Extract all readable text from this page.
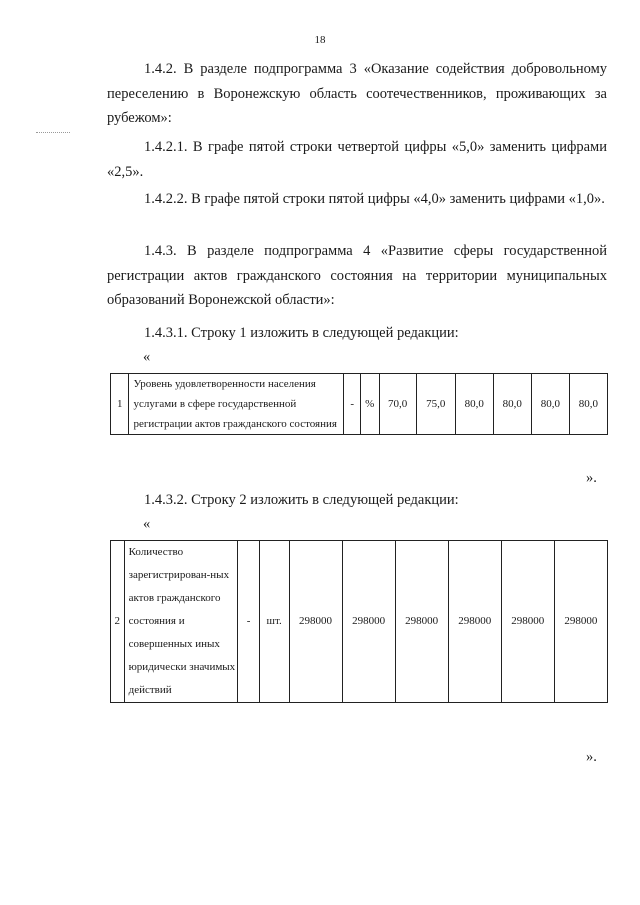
18

1.4.2. В разделе подпрограмма 3 «Оказание содействия добровольному переселению в Воронежскую область соотечественников, проживающих за рубежом»:

1.4.2.1. В графе пятой строки четвертой цифры «5,0» заменить цифрами «2,5».

1.4.2.2. В графе пятой строки пятой цифры «4,0» заменить цифрами «1,0».

1.4.3. В разделе подпрограмма 4 «Развитие сферы государственной регистрации актов гражданского состояния на территории муниципальных образований Воронежской области»:

1.4.3.1. Строку 1 изложить в следующей редакции:

«
1	Уровень удовлетворенности населения услугами в сфере государственной регистрации актов гражданского состояния	-	%	70,0	75,0	80,0	80,0	80,0	80,0
».

1.4.3.2. Строку 2 изложить в следующей редакции:

«
2	Количество зарегистрирован-ных актов гражданского состояния и совершенных иных юридически значимых действий	-	шт.	298000	298000	298000	298000	298000	298000
».
